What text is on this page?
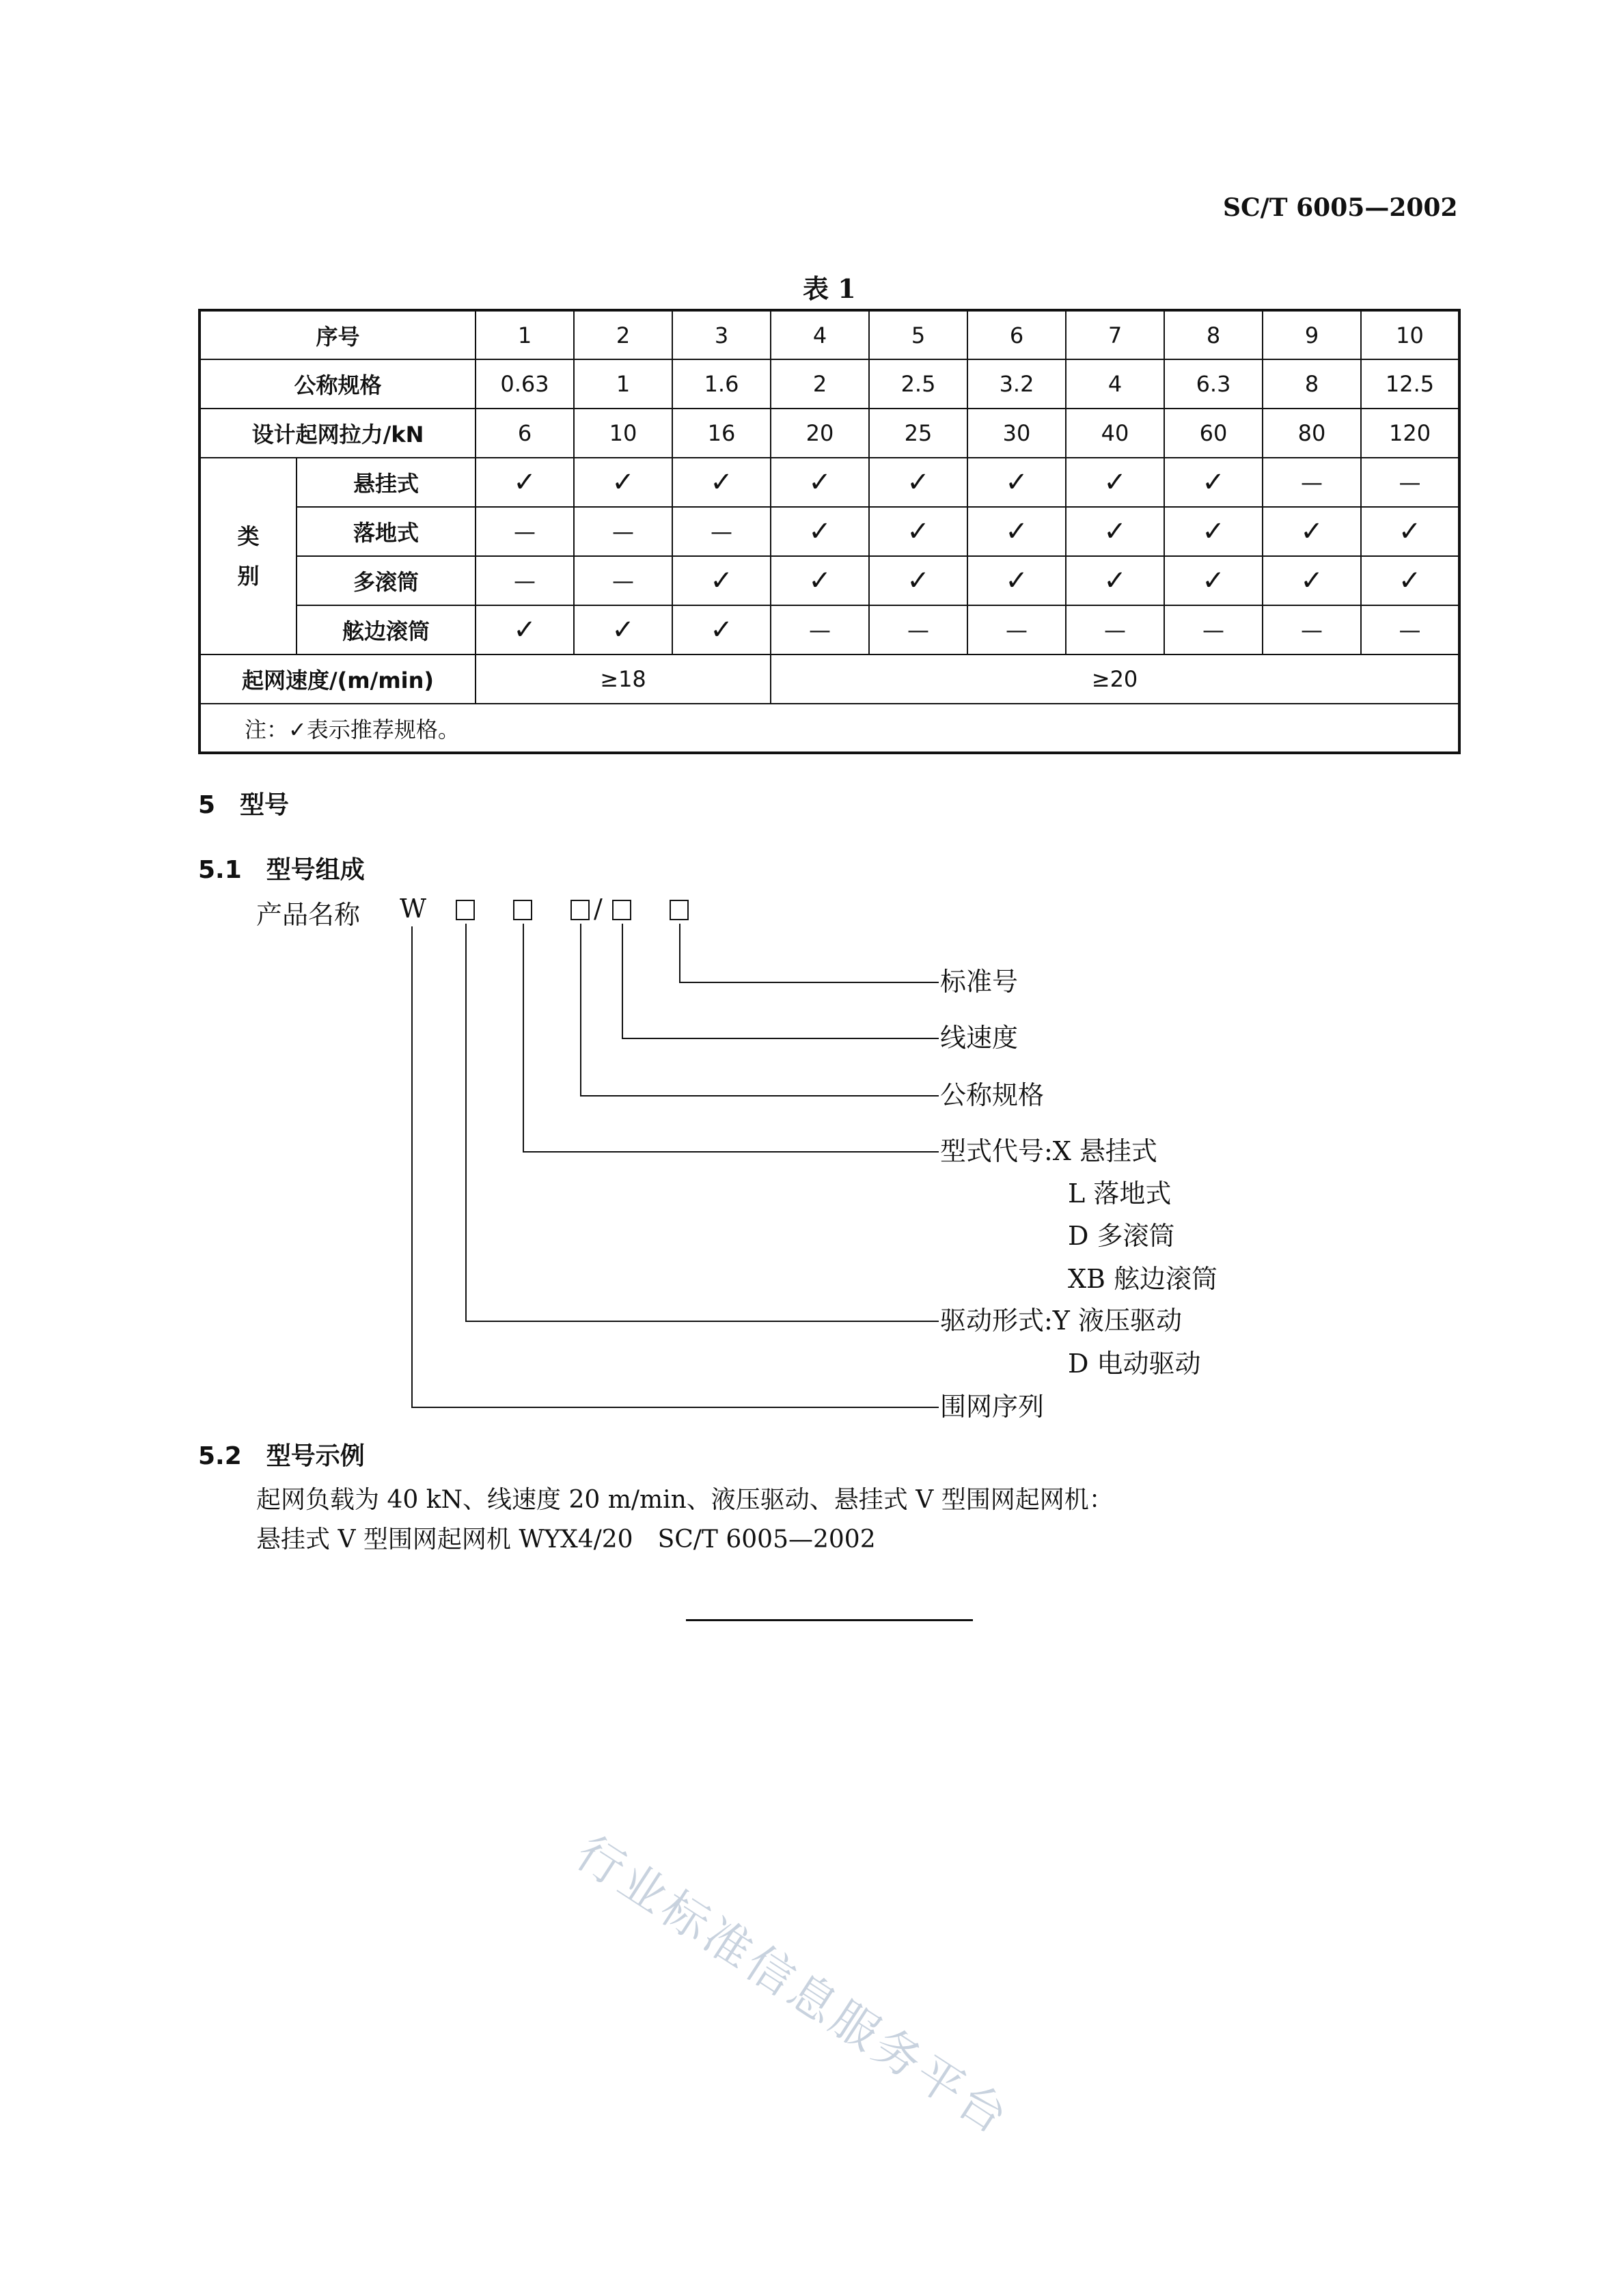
SC/T 6005—2002
表 1
序号		1	2	3	4	5	6	7	8	9	10
公称规格		0.63	1	1.6	2	2.5	3.2	4	6.3	8	12.5
设计起网拉力/kN		6	10	16	20	25	30	40	60	80	120
类
别	悬挂式	✓	✓	✓	✓	✓	✓	✓	✓	—	—
	落地式	—	—	—	✓	✓	✓	✓	✓	✓	✓
	多滚筒	—	—	✓	✓	✓	✓	✓	✓	✓	✓
	舷边滚筒	✓	✓	✓	—	—	—	—	—	—	—
起网速度/(m/min)		≥18			≥20						
注：✓表示推荐规格。											
5　型号
5.1　型号组成
产品名称 W	/
标准号
线速度
公称规格
型式代号:X 悬挂式
L 落地式
D 多滚筒
XB 舷边滚筒
驱动形式:Y 液压驱动
D 电动驱动
围网序列
5.2　型号示例
起网负载为 40 kN、线速度 20 m/min、液压驱动、悬挂式 V 型围网起网机：
悬挂式 V 型围网起网机 WYX4/20　SC/T 6005—2002
行业标准信息服务平台
